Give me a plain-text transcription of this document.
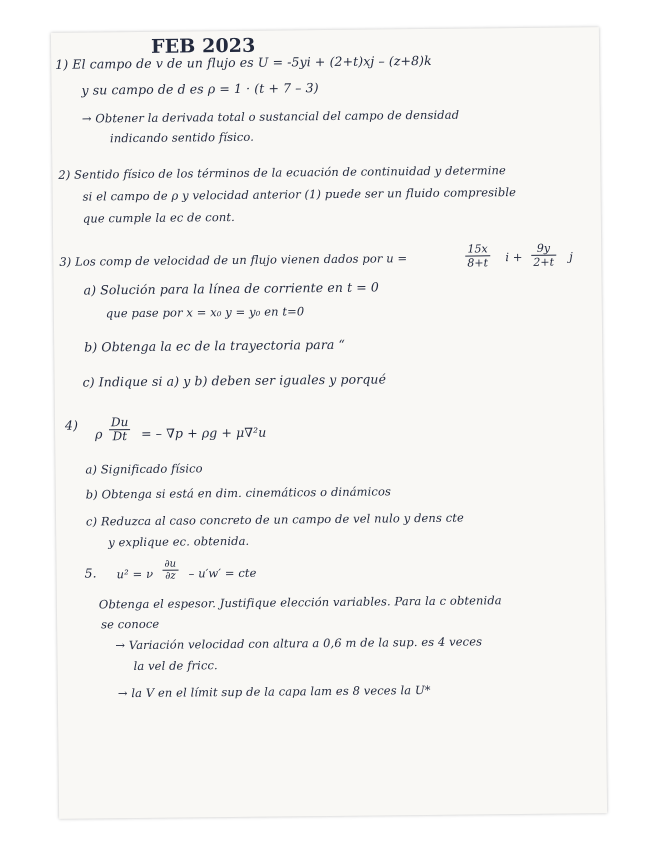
FEB 2023
1) El campo de v de un flujo es U = -5yi + (2+t)xj – (z+8)k
y su campo de d es ρ = 1 · (t + 7 – 3)
→ Obtener la derivada total o sustancial del campo de densidad
indicando sentido físico.
2) Sentido físico de los términos de la ecuación de continuidad y determine
si el campo de ρ y velocidad anterior (1) puede ser un fluido compresible
que cumple la ec de cont.
3) Los comp de velocidad de un flujo vienen dados por u =	$\frac{15x}{8+t}$ $i + \frac{9y}{2+t}$ j
a) Solución para la línea de corriente en t = 0
que pase por x = x₀ y = y₀ en t=0
b) Obtenga la ec de la trayectoria para “
c) Indique si a) y b) deben ser iguales y porqué
4)
ρ $\frac{Du}{Dt}$ = – ∇p + ρg + μ∇²u
a) Significado físico
b) Obtenga si está en dim. cinemáticos o dinámicos
c) Reduzca al caso concreto de un campo de vel nulo y dens cte
y explique ec. obtenida.
5. u² = ν $\frac{\partial u}{\partial z} - u'w'$ = cte
Obtenga el espesor. Justifique elección variables. Para la c obtenida
se conoce
→ Variación velocidad con altura a 0,6 m de la sup. es 4 veces
la vel de fricc.
→ la V en el límit sup de la capa lam es 8 veces la U*
